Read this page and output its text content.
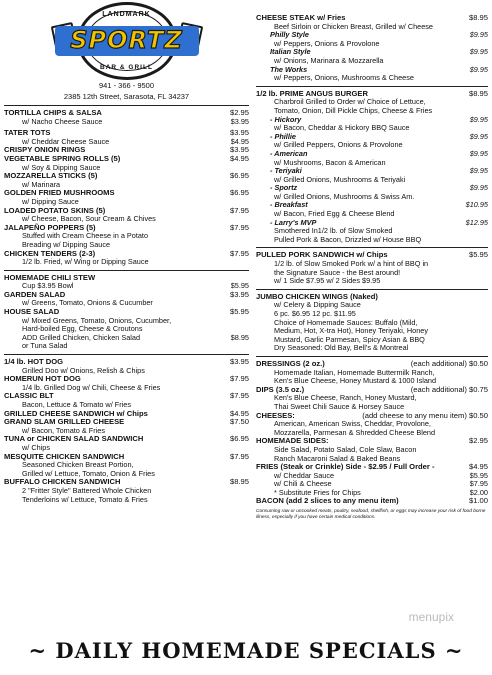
LANDMARK
BAR & GRILL
SPORTZ
941 - 366 - 9500
2385 12th Street, Sarasota, FL 34237
TORTILLA CHIPS & SALSA	$2.95
w/ Nacho Cheese Sauce	$3.95
TATER TOTS	$3.95
w/ Cheddar Cheese Sauce	$4.95
CRISPY ONION RINGS	$3.95
VEGETABLE SPRING ROLLS (5)	$4.95
w/ Soy & Dipping Sauce
MOZZARELLA STICKS (5)	$6.95
w/ Marinara
GOLDEN FRIED MUSHROOMS	$6.95
w/ Dipping Sauce
LOADED POTATO SKINS (5)	$7.95
w/ Cheese, Bacon, Sour Cream & Chives
JALAPEÑO POPPERS (5)	$7.95
Stuffed with Cream Cheese in a Potato
Breading w/ Dipping Sauce
CHICKEN TENDERS (2-3)	$7.95
1/2 lb. Fried, w/ Wing or Dipping Sauce
HOMEMADE CHILI STEW
Cup $3.95 Bowl	$5.95
GARDEN SALAD	$3.95
w/ Greens, Tomato, Onions & Cucumber
HOUSE SALAD	$5.95
w/ Mixed Greens, Tomato, Onions, Cucumber,
Hard-boiled Egg, Cheese & Croutons
ADD Grilled Chicken, Chicken Salad	$8.95
or Tuna Salad
1/4 lb. HOT DOG	$3.95
Grilled Doo w/ Onions, Relish & Chips
HOMERUN HOT DOG	$7.95
1/4 lb. Grilled Dog w/ Chili, Cheese & Fries
CLASSIC BLT	$7.95
Bacon, Lettuce & Tomato w/ Fries
GRILLED CHEESE SANDWICH w/ Chips	$4.95
GRAND SLAM GRILLED CHEESE	$7.50
w/ Bacon, Tomato & Fries
TUNA or CHICKEN SALAD SANDWICH	$6.95
w/ Chips
MESQUITE CHICKEN SANDWICH	$7.95
Seasoned Chicken Breast Portion,
Grilled w/ Lettuce, Tomato, Onion & Fries
BUFFALO CHICKEN SANDWICH	$8.95
2 "Fritter Style" Battered Whole Chicken
Tenderloins w/ Lettuce, Tomato & Fries
CHEESE STEAK w/ Fries	$8.95
Beef Sirloin or Chicken Breast, Grilled w/ Cheese
Philly Style	$9.95
w/ Peppers, Onions & Provolone
Italian Style	$9.95
w/ Onions, Marinara & Mozzarella
The Works	$9.95
w/ Peppers, Onions, Mushrooms & Cheese
1/2 lb. PRIME ANGUS BURGER	$8.95
Charbroil Grilled to Order w/ Choice of Lettuce,
Tomato, Onion, Dill Pickle Chips, Cheese & Fries
- Hickory	$9.95
w/ Bacon, Cheddar & Hickory BBQ Sauce
- Phillie	$9.95
w/ Grilled Peppers, Onions & Provolone
- American	$9.95
w/ Mushrooms, Bacon & American
- Teriyaki	$9.95
w/ Grilled Onions, Mushrooms & Teriyaki
- Sportz	$9.95
w/ Grilled Onions, Mushrooms & Swiss Am.
- Breakfast	$10.95
w/ Bacon, Fried Egg & Cheese Blend
- Larry's MVP	$12.95
Smothered In1/2 lb. of Slow Smoked
Pulled Pork & Bacon, Drizzled w/ House BBQ
PULLED PORK SANDWICH w/ Chips	$5.95
1/2 lb. of Slow Smoked Pork w/ a hint of BBQ in
the Signature Sauce - the Best around!
w/ 1 Side $7.95 w/ 2 Sides $9.95
JUMBO CHICKEN WINGS (Naked)
w/ Celery & Dipping Sauce
6 pc. $6.95 12 pc. $11.95
Choice of Homemade Sauces: Buffalo (Mild,
Medium, Hot, X-tra Hot), Honey Teriyaki, Honey
Mustard, Garlic Parmesan, Spicy Asian & BBQ
Dry Seasoned: Old Bay, Bell's & Montreal
DRESSINGS (2 oz.)	(each additional) $0.50
Homemade Italian, Homemade Buttermilk Ranch,
Ken's Blue Cheese, Honey Mustard & 1000 Island
DIPS (3.5 oz.)	(each additional) $0.75
Ken's Blue Cheese, Ranch, Honey Mustard,
Thai Sweet Chili Sauce & Horsey Sauce
CHEESES:	(add cheese to any menu item) $0.50
American, American Swiss, Cheddar, Provolone,
Mozzarella, Parmesan & Shredded Cheese Blend
HOMEMADE SIDES:	$2.95
Side Salad, Potato Salad, Cole Slaw, Bacon
Ranch Macaroni Salad & Baked Beans
FRIES (Steak or Crinkle) Side - $2.95 / Full Order -	$4.95
w/ Cheddar Sauce	$5.95
w/ Chili & Cheese	$7.95
* Substitute Fries for Chips	$2.00
BACON (add 2 slices to any menu item)	$1.00
Consuming raw or uncooked meats, poultry, seafood, shellfish, or eggs may increase your risk of food borne illness, especially if you have certain medical conditions.
menupix
~ DAILY HOMEMADE SPECIALS ~
